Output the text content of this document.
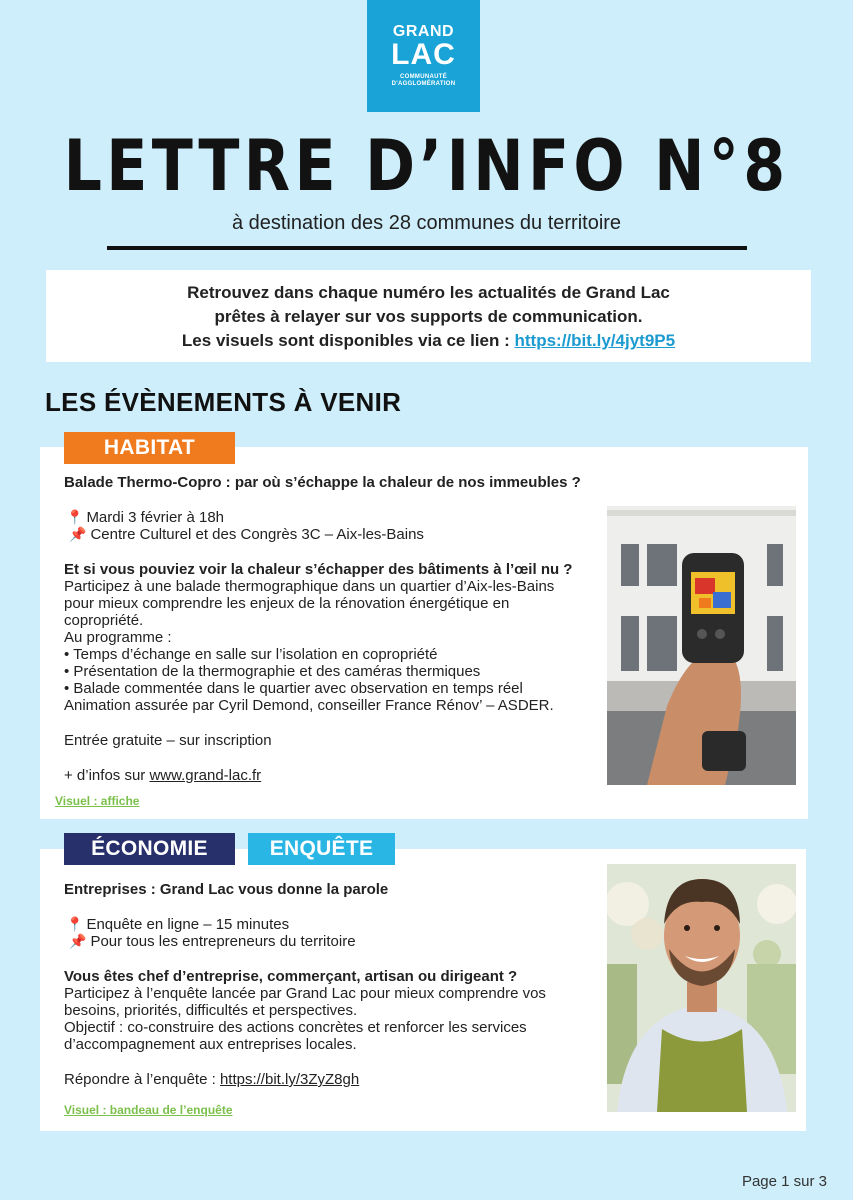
GRAND
LAC
COMMUNAUTÉ
D'AGGLOMÉRATION
LETTRE D’INFO N°8
à destination des 28 communes du territoire
Retrouvez dans chaque numéro les actualités de Grand Lac
prêtes à relayer sur vos supports de communication.
Les visuels sont disponibles via ce lien : https://bit.ly/4jyt9P5
LES ÉVÈNEMENTS À VENIR
HABITAT
Balade Thermo-Copro : par où s’échappe la chaleur de nos immeubles ?
📍 Mardi 3 février à 18h
📌 Centre Culturel et des Congrès 3C – Aix-les-Bains
Et si vous pouviez voir la chaleur s’échapper des bâtiments à l’œil nu ?
Participez à une balade thermographique dans un quartier d’Aix-les-Bains
pour mieux comprendre les enjeux de la rénovation énergétique en
copropriété.
Au programme :
• Temps d’échange en salle sur l’isolation en copropriété
• Présentation de la thermographie et des caméras thermiques
• Balade commentée dans le quartier avec observation en temps réel
Animation assurée par Cyril Demond, conseiller France Rénov’ – ASDER.
Entrée gratuite – sur inscription
+ d’infos sur www.grand-lac.fr
Visuel : affiche
ÉCONOMIE	ENQUÊTE
Entreprises : Grand Lac vous donne la parole
📍 Enquête en ligne – 15 minutes
📌 Pour tous les entrepreneurs du territoire
Vous êtes chef d’entreprise, commerçant, artisan ou dirigeant ?
Participez à l’enquête lancée par Grand Lac pour mieux comprendre vos
besoins, priorités, difficultés et perspectives.
Objectif : co-construire des actions concrètes et renforcer les services
d’accompagnement aux entreprises locales.
Répondre à l’enquête : https://bit.ly/3ZyZ8gh
Visuel : bandeau de l’enquête
Page 1 sur 3
